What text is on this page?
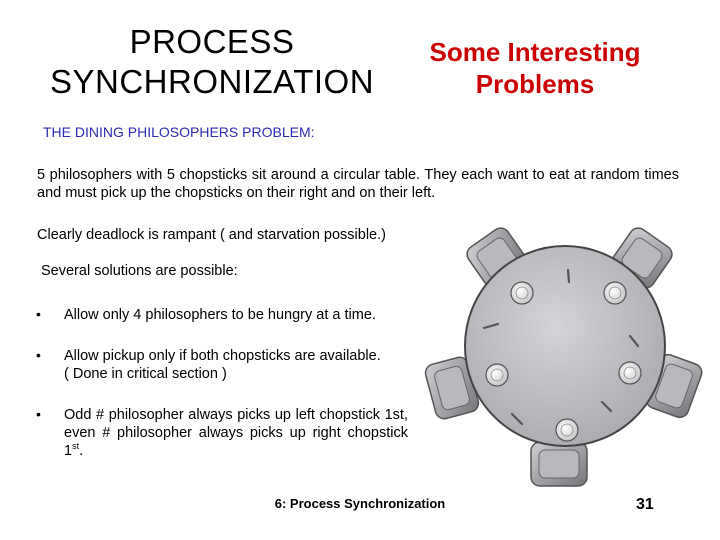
PROCESS
SYNCHRONIZATION
Some Interesting
Problems
THE DINING PHILOSOPHERS PROBLEM:
5 philosophers with 5 chopsticks sit around a circular table. They each want to eat at random times and must pick up the chopsticks on their right and on their left.
Clearly deadlock is rampant ( and starvation possible.)
Several solutions are possible:
• Allow only 4 philosophers to be hungry at a time.
• Allow pickup only if both chopsticks are available.
( Done in critical section )
• Odd # philosopher always picks up left chopstick 1st, even # philosopher always picks up right chopstick 1st.
6: Process Synchronization	31
